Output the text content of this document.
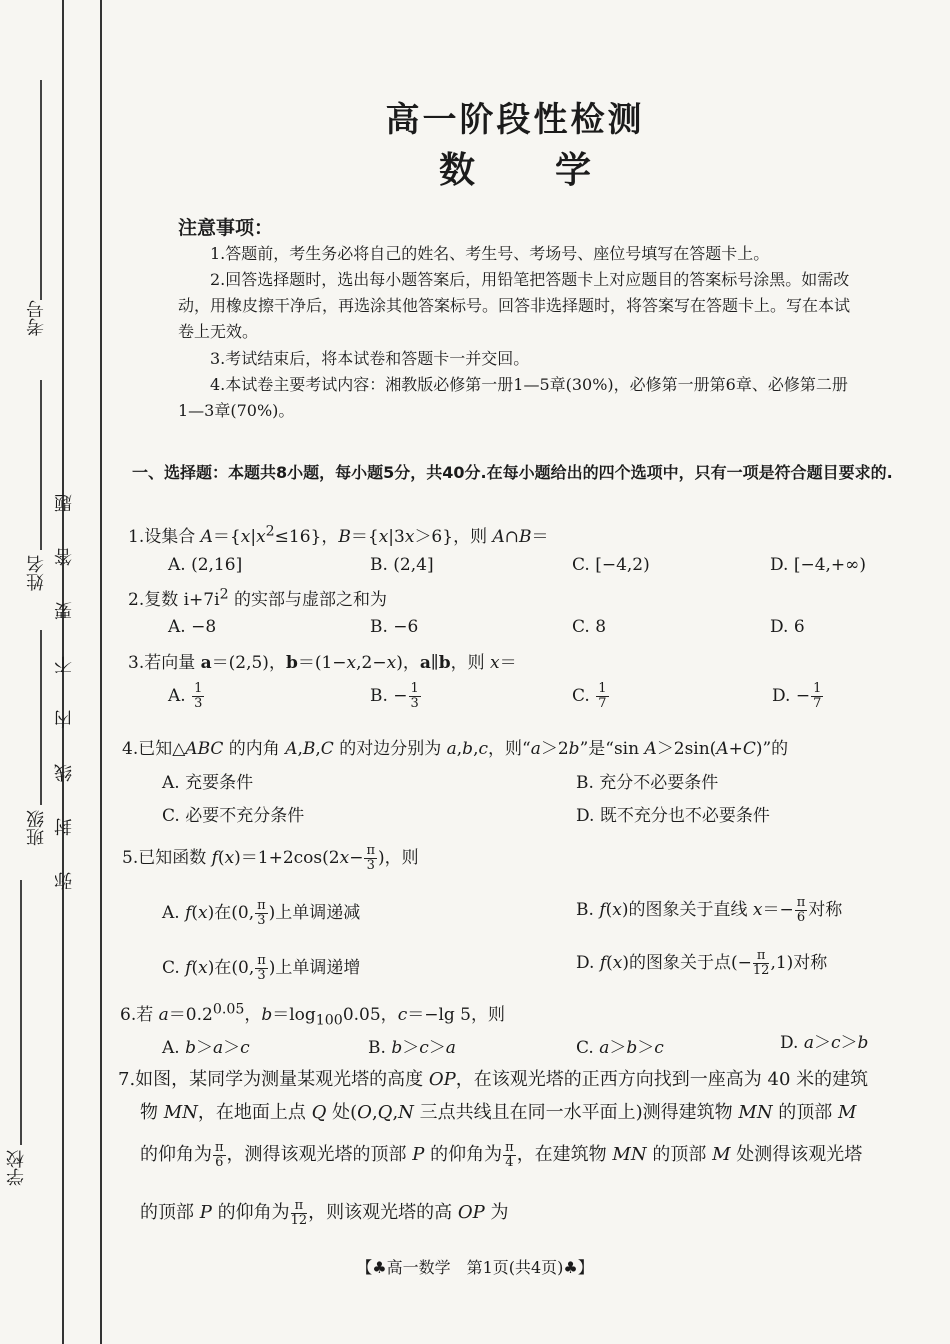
考号
姓名
班级
学校
弥封线内不要答题
高一阶段性检测
数学
注意事项：
1.答题前，考生务必将自己的姓名、考生号、考场号、座位号填写在答题卡上。
2.回答选择题时，选出每小题答案后，用铅笔把答题卡上对应题目的答案标号涂黑。如需改动，用橡皮擦干净后，再选涂其他答案标号。回答非选择题时，将答案写在答题卡上。写在本试卷上无效。
3.考试结束后，将本试卷和答题卡一并交回。
4.本试卷主要考试内容：湘教版必修第一册1—5章(30%)，必修第一册第6章、必修第二册1—3章(70%)。
一、选择题：本题共8小题，每小题5分，共40分.在每小题给出的四个选项中，只有一项是符合题目要求的.
1.设集合 $A=\{x|x^2\le 16\}$，B＝{x|3x＞6}，则 A∩B＝
A. (2,16]	B. (2,4]	C. [−4,2)	D. [−4,+∞)
2.复数 $i+7i^2$ 的实部与虚部之和为
A. −8	B. −6	C. 8	D. 6
3.若向量 a＝(2,5)，b＝(1−x,2−x)，a∥b，则 x＝
A. $\frac{1}{3}$	B. − $\frac{1}{3}$	C. $\frac{1}{7}$	D. − $\frac{1}{7}$
4.已知△ABC 的内角 A,B,C 的对边分别为 a,b,c，则“a＞2b”是“sin A＞2sin(A+C)”的
A. 充要条件	B. 充分不必要条件
C. 必要不充分条件	D. 既不充分也不必要条件
5.已知函数 $f(x)=1+2\cos(2x- \frac{\pi}{3}$ )，则
A. f(x)在(0, $\frac{\pi}{3}$ )上单调递减	B. f(x)的图象关于直线 $x=- \frac{\pi}{6}$ 对称
C. f(x)在(0, $\frac{\pi}{3}$ )上单调递增	D. f(x)的图象关于点(− $\frac{\pi}{12} ,1$)对称
6.若 $a=0.2^{0.05}$，$b=\log_{100}0.05$，c＝−lg 5，则
A. b＞a＞c	B. b＞c＞a	C. a＞b＞c	D. a＞c＞b
7.如图，某同学为测量某观光塔的高度 OP，在该观光塔的正西方向找到一座高为 40 米的建筑
物 MN，在地面上点 Q 处(O,Q,N 三点共线且在同一水平面上)测得建筑物 MN 的顶部 M
的仰角为 $\frac{\pi}{6}$ ，测得该观光塔的顶部 P 的仰角为 $\frac{\pi}{4}$ ，在建筑物 MN 的顶部 M 处测得该观光塔
的顶部 P 的仰角为 $\frac{\pi}{12}$ ，则该观光塔的高 OP 为
【♣高一数学　第1页(共4页)♣】
